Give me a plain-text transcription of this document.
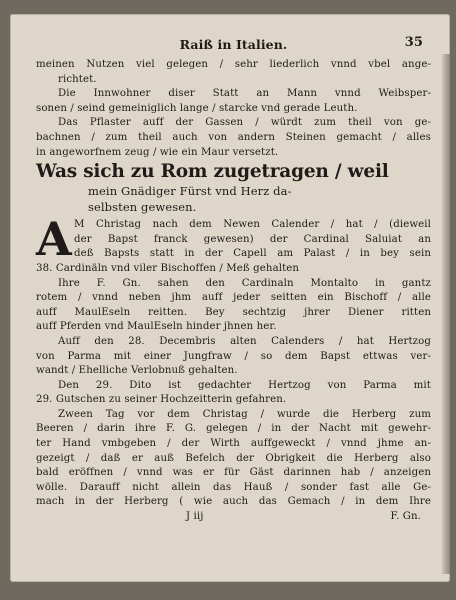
Raiß in Italien.	35
meinen Nutzen viel gelegen / sehr liederlich vnnd vbel ange-
richtet.
Die Innwohner diser Statt an Mann vnnd Weibsper-
sonen / seind gemeiniglich lange / starcke vnd gerade Leuth.
Das Pflaster auff der Gassen / würdt zum theil von ge-
bachnen / zum theil auch von andern Steinen gemacht / alles
in angeworfnem zeug / wie ein Maur versetzt.
Was sich zu Rom zugetragen / weil
mein Gnädiger Fürst vnd Herz da-
selbsten gewesen.
A M Christag nach dem Newen Calender / hat / (dieweil
der Bapst franck gewesen) der Cardinal Saluiat an
deß Bapsts statt in der Capell am Palast / in bey sein
38. Cardinäln vnd viler Bischoffen / Meß gehalten
Ihre F. Gn. sahen den Cardinaln Montalto in gantz
rotem / vnnd neben jhm auff jeder seitten ein Bischoff / alle
auff MaulEseln reitten. Bey sechtzig jhrer Diener ritten
auff Pferden vnd MaulEseln hinder jhnen her.
Auff den 28. Decembris alten Calenders / hat Hertzog
von Parma mit einer Jungfraw / so dem Bapst ettwas ver-
wandt / Ehelliche Verlobnuß gehalten.
Den 29. Dito ist gedachter Hertzog von Parma mit
29. Gutschen zu seiner Hochzeitterin gefahren.
Zween Tag vor dem Christag / wurde die Herberg zum
Beeren / darin ihre F. G. gelegen / in der Nacht mit gewehr-
ter Hand vmbgeben / der Wirth auffgeweckt / vnnd jhme an-
gezeigt / daß er auß Befelch der Obrigkeit die Herberg also
bald eröffnen / vnnd was er für Gäst darinnen hab / anzeigen
wölle. Darauff nicht allein das Hauß / sonder fast alle Ge-
mach in der Herberg ( wie auch das Gemach / in dem Ihre
J iij	F. Gn.
